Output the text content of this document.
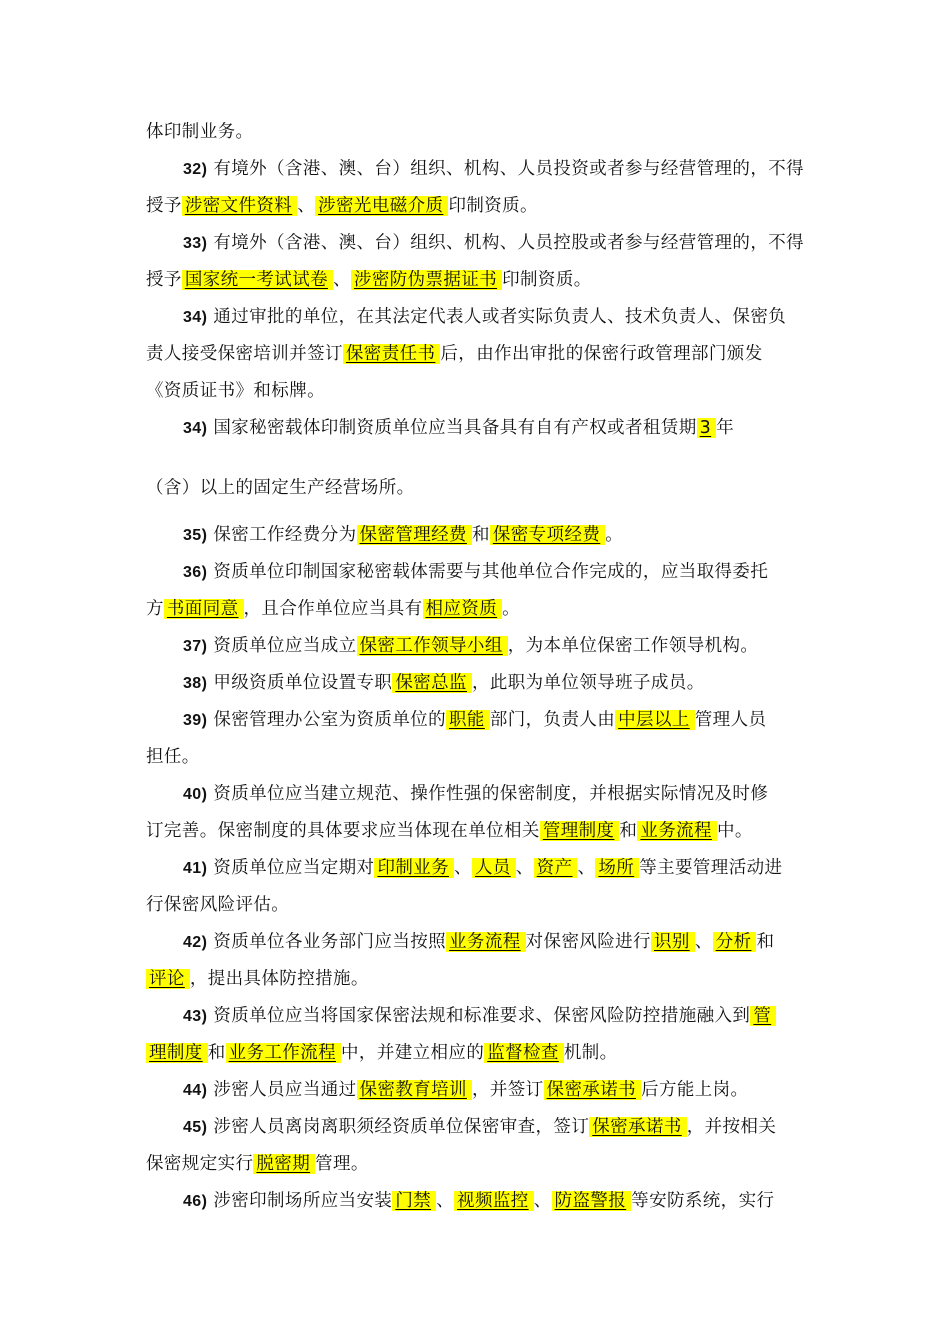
体印制业务。
32) 有境外（含港、澳、台）组织、机构、人员投资或者参与经营管理的，不得
授予 涉密文件资料 、 涉密光电磁介质 印制资质。
33) 有境外（含港、澳、台）组织、机构、人员控股或者参与经营管理的，不得
授予 国家统一考试试卷 、 涉密防伪票据证书 印制资质。
34) 通过审批的单位，在其法定代表人或者实际负责人、技术负责人、保密负
责人接受保密培训并签订 保密责任书 后，由作出审批的保密行政管理部门颁发
《资质证书》和标牌。
34) 国家秘密载体印制资质单位应当具备具有自有产权或者租赁期 3 年
（含）以上的固定生产经营场所。
35) 保密工作经费分为 保密管理经费 和 保密专项经费 。
36) 资质单位印制国家秘密载体需要与其他单位合作完成的，应当取得委托
方 书面同意 ，且合作单位应当具有 相应资质 。
37) 资质单位应当成立 保密工作领导小组 ，为本单位保密工作领导机构。
38) 甲级资质单位设置专职 保密总监 ，此职为单位领导班子成员。
39) 保密管理办公室为资质单位的 职能 部门，负责人由 中层以上 管理人员
担任。
40) 资质单位应当建立规范、操作性强的保密制度，并根据实际情况及时修
订完善。保密制度的具体要求应当体现在单位相关 管理制度 和 业务流程 中。
41) 资质单位应当定期对 印制业务 、 人员 、 资产 、 场所 等主要管理活动进
行保密风险评估。
42) 资质单位各业务部门应当按照 业务流程 对保密风险进行 识别 、 分析 和
评论 ，提出具体防控措施。
43) 资质单位应当将国家保密法规和标准要求、保密风险防控措施融入到 管
理制度 和 业务工作流程 中，并建立相应的 监督检查 机制。
44) 涉密人员应当通过 保密教育培训 ，并签订 保密承诺书 后方能上岗。
45) 涉密人员离岗离职须经资质单位保密审查，签订 保密承诺书 ，并按相关
保密规定实行 脱密期 管理。
46) 涉密印制场所应当安装 门禁 、 视频监控 、 防盗警报 等安防系统，实行
